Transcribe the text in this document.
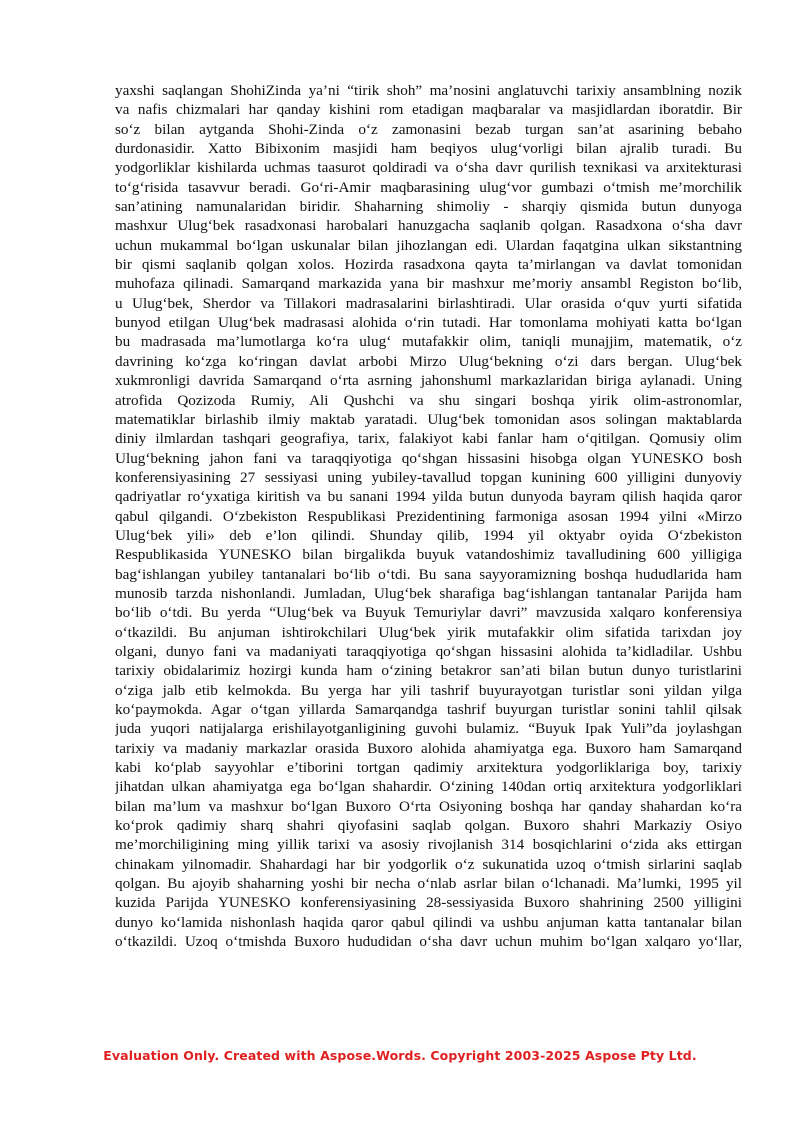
yaxshi saqlangan ShohiZinda ya’ni “tirik shoh” ma’nosini anglatuvchi tarixiy ansamblning nozik
va nafis chizmalari har qanday kishini rom etadigan maqbaralar va masjidlardan iboratdir. Bir
so‘z bilan aytganda Shohi-Zinda o‘z zamonasini bezab turgan san’at asarining bebaho
durdonasidir. Xatto Bibixonim masjidi ham beqiyos ulug‘vorligi bilan ajralib turadi. Bu
yodgorliklar kishilarda uchmas taasurot qoldiradi va o‘sha davr qurilish texnikasi va arxitekturasi
to‘g‘risida tasavvur beradi. Go‘ri-Amir maqbarasining ulug‘vor gumbazi o‘tmish me’morchilik
san’atining namunalaridan biridir. Shaharning shimoliy - sharqiy qismida butun dunyoga
mashxur Ulug‘bek rasadxonasi harobalari hanuzgacha saqlanib qolgan. Rasadxona o‘sha davr
uchun mukammal bo‘lgan uskunalar bilan jihozlangan edi. Ulardan faqatgina ulkan sikstantning
bir qismi saqlanib qolgan xolos. Hozirda rasadxona qayta ta’mirlangan va davlat tomonidan
muhofaza qilinadi. Samarqand markazida yana bir mashxur me’moriy ansambl Registon bo‘lib,
u Ulug‘bek, Sherdor va Tillakori madrasalarini birlashtiradi. Ular orasida o‘quv yurti sifatida
bunyod etilgan Ulug‘bek madrasasi alohida o‘rin tutadi. Har tomonlama mohiyati katta bo‘lgan
bu madrasada ma’lumotlarga ko‘ra ulug‘ mutafakkir olim, taniqli munajjim, matematik, o‘z
davrining ko‘zga ko‘ringan davlat arbobi Mirzo Ulug‘bekning o‘zi dars bergan. Ulug‘bek
xukmronligi davrida Samarqand o‘rta asrning jahonshuml markazlaridan biriga aylanadi. Uning
atrofida Qozizoda Rumiy, Ali Qushchi va shu singari boshqa yirik olim-astronomlar,
matematiklar birlashib ilmiy maktab yaratadi. Ulug‘bek tomonidan asos solingan maktablarda
diniy ilmlardan tashqari geografiya, tarix, falakiyot kabi fanlar ham o‘qitilgan. Qomusiy olim
Ulug‘bekning jahon fani va taraqqiyotiga qo‘shgan hissasini hisobga olgan YUNESKO bosh
konferensiyasining 27 sessiyasi uning yubiley-tavallud topgan kunining 600 yilligini dunyoviy
qadriyatlar ro‘yxatiga kiritish va bu sanani 1994 yilda butun dunyoda bayram qilish haqida qaror
qabul qilgandi. O‘zbekiston Respublikasi Prezidentining farmoniga asosan 1994 yilni «Mirzo
Ulug‘bek yili» deb e’lon qilindi. Shunday qilib, 1994 yil oktyabr oyida O‘zbekiston
Respublikasida YUNESKO bilan birgalikda buyuk vatandoshimiz tavalludining 600 yilligiga
bag‘ishlangan yubiley tantanalari bo‘lib o‘tdi. Bu sana sayyoramizning boshqa hududlarida ham
munosib tarzda nishonlandi. Jumladan, Ulug‘bek sharafiga bag‘ishlangan tantanalar Parijda ham
bo‘lib o‘tdi. Bu yerda “Ulug‘bek va Buyuk Temuriylar davri” mavzusida xalqaro konferensiya
o‘tkazildi. Bu anjuman ishtirokchilari Ulug‘bek yirik mutafakkir olim sifatida tarixdan joy
olgani, dunyo fani va madaniyati taraqqiyotiga qo‘shgan hissasini alohida ta’kidladilar. Ushbu
tarixiy obidalarimiz hozirgi kunda ham o‘zining betakror san’ati bilan butun dunyo turistlarini
o‘ziga jalb etib kelmokda. Bu yerga har yili tashrif buyurayotgan turistlar soni yildan yilga
ko‘paymokda. Agar o‘tgan yillarda Samarqandga tashrif buyurgan turistlar sonini tahlil qilsak
juda yuqori natijalarga erishilayotganligining guvohi bulamiz. “Buyuk Ipak Yuli”da joylashgan
tarixiy va madaniy markazlar orasida Buxoro alohida ahamiyatga ega. Buxoro ham Samarqand
kabi ko‘plab sayyohlar e’tiborini tortgan qadimiy arxitektura yodgorliklariga boy, tarixiy
jihatdan ulkan ahamiyatga ega bo‘lgan shahardir. O‘zining 140dan ortiq arxitektura yodgorliklari
bilan ma’lum va mashxur bo‘lgan Buxoro O‘rta Osiyoning boshqa har qanday shahardan ko‘ra
ko‘prok qadimiy sharq shahri qiyofasini saqlab qolgan. Buxoro shahri Markaziy Osiyo
me’morchiligining ming yillik tarixi va asosiy rivojlanish 314 bosqichlarini o‘zida aks ettirgan
chinakam yilnomadir. Shahardagi har bir yodgorlik o‘z sukunatida uzoq o‘tmish sirlarini saqlab
qolgan. Bu ajoyib shaharning yoshi bir necha o‘nlab asrlar bilan o‘lchanadi. Ma’lumki, 1995 yil
kuzida Parijda YUNESKO konferensiyasining 28-sessiyasida Buxoro shahrining 2500 yilligini
dunyo ko‘lamida nishonlash haqida qaror qabul qilindi va ushbu anjuman katta tantanalar bilan
o‘tkazildi. Uzoq o‘tmishda Buxoro hududidan o‘sha davr uchun muhim bo‘lgan xalqaro yo‘llar,
Evaluation Only. Created with Aspose.Words. Copyright 2003-2025 Aspose Pty Ltd.
